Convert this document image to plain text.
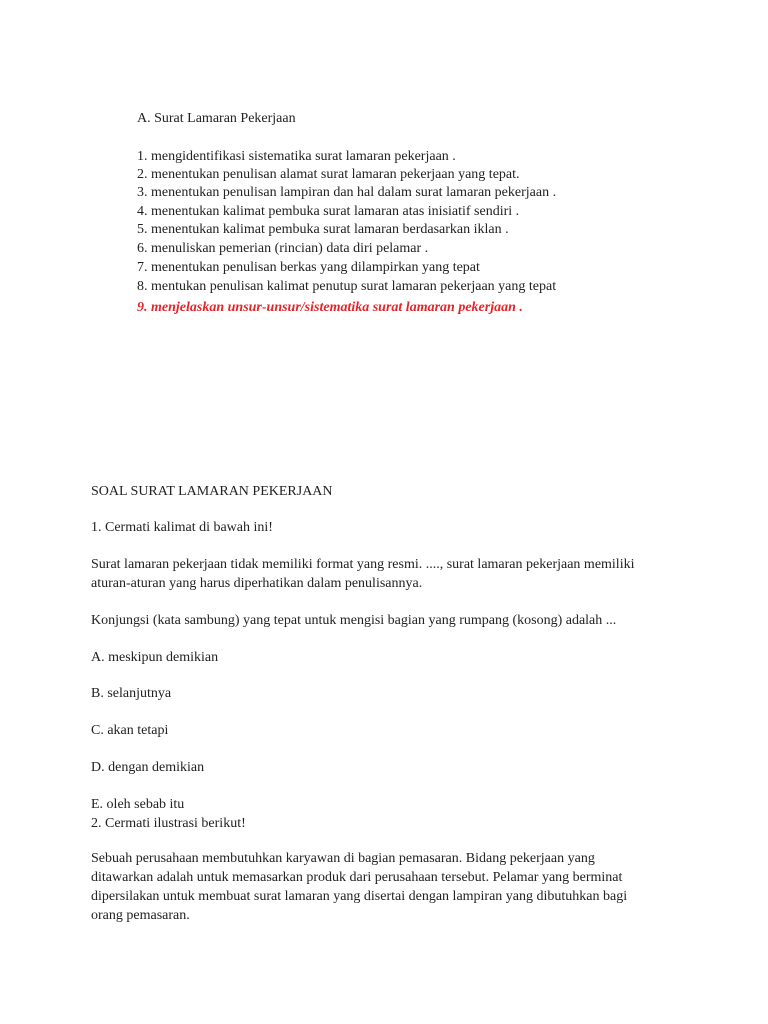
A. Surat Lamaran Pekerjaan
1. mengidentifikasi sistematika surat lamaran pekerjaan .
2. menentukan penulisan alamat surat lamaran pekerjaan yang tepat.
3. menentukan penulisan lampiran dan hal dalam surat lamaran pekerjaan .
4. menentukan kalimat pembuka surat lamaran atas inisiatif sendiri .
5. menentukan kalimat pembuka surat lamaran berdasarkan iklan .
6. menuliskan pemerian (rincian) data diri pelamar .
7. menentukan penulisan berkas yang dilampirkan yang tepat
8. mentukan penulisan kalimat penutup surat lamaran pekerjaan yang tepat
9. menjelaskan unsur-unsur/sistematika surat lamaran pekerjaan .
SOAL SURAT LAMARAN PEKERJAAN
1. Cermati kalimat di bawah ini!
Surat lamaran pekerjaan tidak memiliki format yang resmi. ...., surat lamaran pekerjaan memiliki
aturan-aturan yang harus diperhatikan dalam penulisannya.
Konjungsi (kata sambung) yang tepat untuk mengisi bagian yang rumpang (kosong) adalah ...
A. meskipun demikian
B. selanjutnya
C. akan tetapi
D. dengan demikian
E. oleh sebab itu
2. Cermati ilustrasi berikut!
Sebuah perusahaan membutuhkan karyawan di bagian pemasaran. Bidang pekerjaan yang
ditawarkan adalah untuk memasarkan produk dari perusahaan tersebut. Pelamar yang berminat
dipersilakan untuk membuat surat lamaran yang disertai dengan lampiran yang dibutuhkan bagi
orang pemasaran.
